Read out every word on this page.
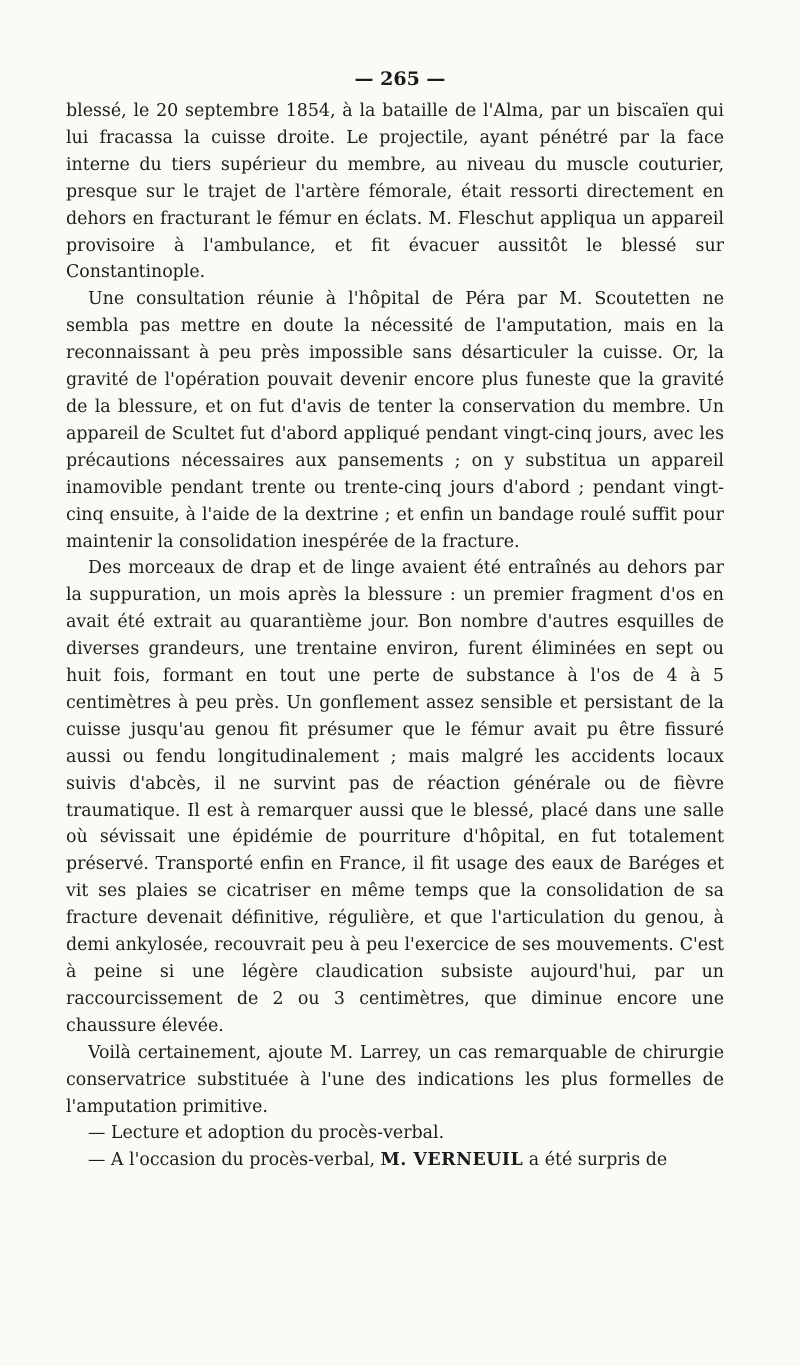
— 265 —

blessé, le 20 septembre 1854, à la bataille de l'Alma, par un biscaïen qui lui fracassa la cuisse droite. Le projectile, ayant pénétré par la face interne du tiers supérieur du membre, au niveau du muscle couturier, presque sur le trajet de l'artère fémorale, était ressorti directement en dehors en fracturant le fémur en éclats. M. Fleschut appliqua un appareil provisoire à l'ambulance, et fit évacuer aussitôt le blessé sur Constantinople.

Une consultation réunie à l'hôpital de Péra par M. Scoutetten ne sembla pas mettre en doute la nécessité de l'amputation, mais en la reconnaissant à peu près impossible sans désarticuler la cuisse. Or, la gravité de l'opération pouvait devenir encore plus funeste que la gravité de la blessure, et on fut d'avis de tenter la conservation du membre. Un appareil de Scultet fut d'abord appliqué pendant vingt-cinq jours, avec les précautions nécessaires aux pansements ; on y substitua un appareil inamovible pendant trente ou trente-cinq jours d'abord ; pendant vingt-cinq ensuite, à l'aide de la dextrine ; et enfin un bandage roulé suffit pour maintenir la consolidation inespérée de la fracture.

Des morceaux de drap et de linge avaient été entraînés au dehors par la suppuration, un mois après la blessure : un premier fragment d'os en avait été extrait au quarantième jour. Bon nombre d'autres esquilles de diverses grandeurs, une trentaine environ, furent éliminées en sept ou huit fois, formant en tout une perte de substance à l'os de 4 à 5 centimètres à peu près. Un gonflement assez sensible et persistant de la cuisse jusqu'au genou fit présumer que le fémur avait pu être fissuré aussi ou fendu longitudinalement ; mais malgré les accidents locaux suivis d'abcès, il ne survint pas de réaction générale ou de fièvre traumatique. Il est à remarquer aussi que le blessé, placé dans une salle où sévissait une épidémie de pourriture d'hôpital, en fut totalement préservé. Transporté enfin en France, il fit usage des eaux de Baréges et vit ses plaies se cicatriser en même temps que la consolidation de sa fracture devenait définitive, régulière, et que l'articulation du genou, à demi ankylosée, recouvrait peu à peu l'exercice de ses mouvements. C'est à peine si une légère claudication subsiste aujourd'hui, par un raccourcissement de 2 ou 3 centimètres, que diminue encore une chaussure élevée.

Voilà certainement, ajoute M. Larrey, un cas remarquable de chirurgie conservatrice substituée à l'une des indications les plus formelles de l'amputation primitive.

— Lecture et adoption du procès-verbal.

— A l'occasion du procès-verbal, M. VERNEUIL a été surpris de
